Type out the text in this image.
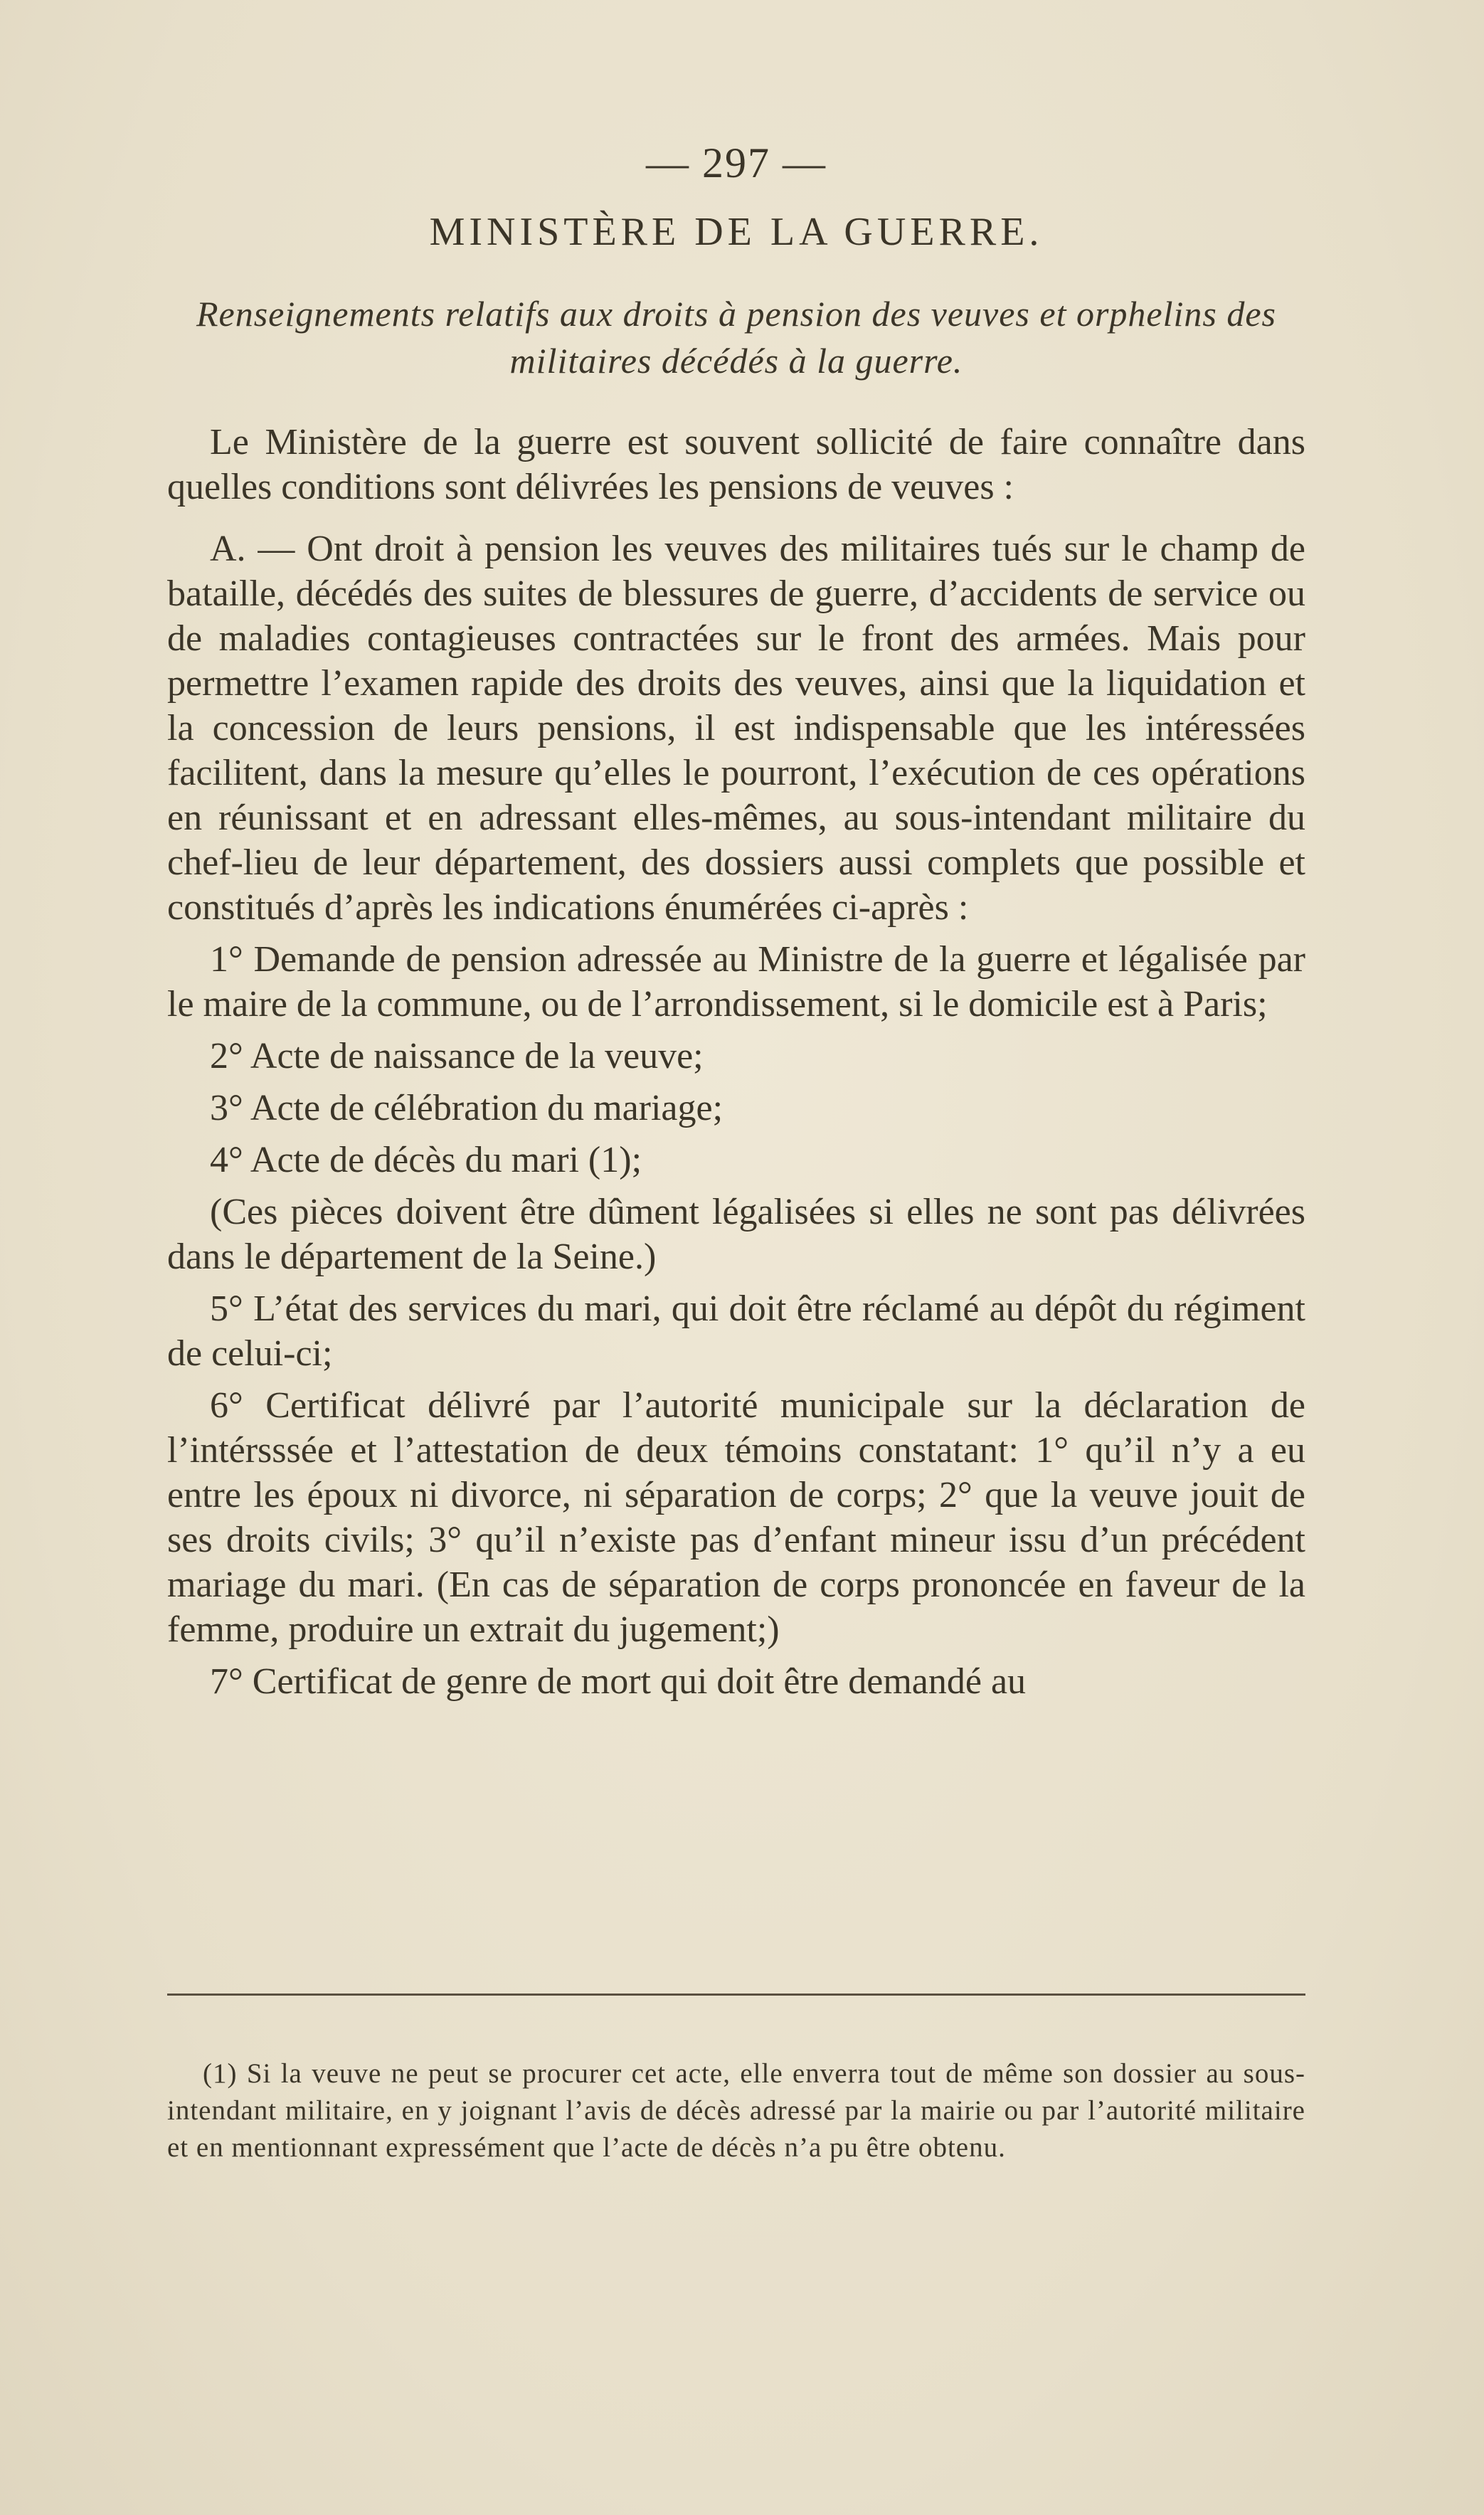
— 297 —
MINISTÈRE DE LA GUERRE.
Renseignements relatifs aux droits à pension des veuves et orphelins des militaires décédés à la guerre.

Le Ministère de la guerre est souvent sollicité de faire connaître dans quelles conditions sont délivrées les pensions de veuves :

A. — Ont droit à pension les veuves des militaires tués sur le champ de bataille, décédés des suites de blessures de guerre, d’accidents de service ou de maladies contagieuses contractées sur le front des armées. Mais pour permettre l’examen rapide des droits des veuves, ainsi que la liquidation et la concession de leurs pensions, il est indispensable que les intéressées facilitent, dans la mesure qu’elles le pourront, l’exécution de ces opérations en réunissant et en adressant elles-mêmes, au sous-intendant militaire du chef-lieu de leur département, des dossiers aussi complets que possible et constitués d’après les indications énumérées ci-après :

1° Demande de pension adressée au Ministre de la guerre et légalisée par le maire de la commune, ou de l’arrondissement, si le domicile est à Paris;

2° Acte de naissance de la veuve;

3° Acte de célébration du mariage;

4° Acte de décès du mari (1);

(Ces pièces doivent être dûment légalisées si elles ne sont pas délivrées dans le département de la Seine.)

5° L’état des services du mari, qui doit être réclamé au dépôt du régiment de celui-ci;

6° Certificat délivré par l’autorité municipale sur la déclaration de l’intérsssée et l’attestation de deux témoins constatant: 1° qu’il n’y a eu entre les époux ni divorce, ni séparation de corps; 2° que la veuve jouit de ses droits civils; 3° qu’il n’existe pas d’enfant mineur issu d’un précédent mariage du mari. (En cas de séparation de corps prononcée en faveur de la femme, produire un extrait du jugement;)

7° Certificat de genre de mort qui doit être demandé au

(1) Si la veuve ne peut se procurer cet acte, elle enverra tout de même son dossier au sous-intendant militaire, en y joignant l’avis de décès adressé par la mairie ou par l’autorité militaire et en mentionnant expressément que l’acte de décès n’a pu être obtenu.
